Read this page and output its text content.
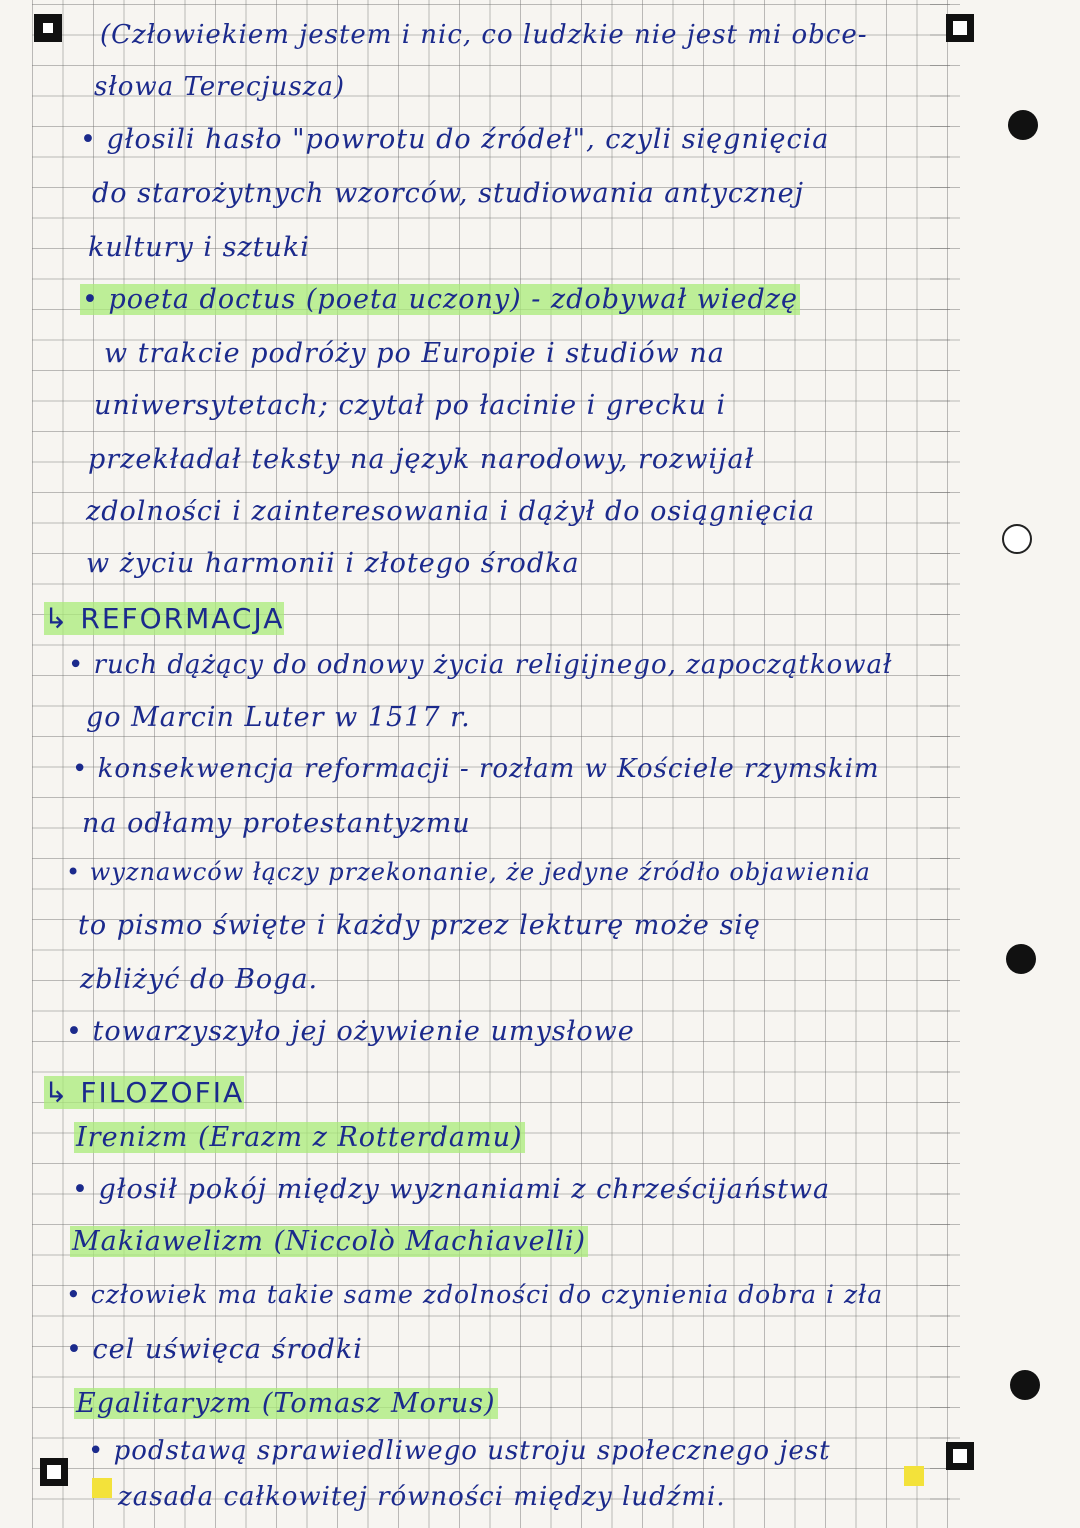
(Człowiekiem jestem i nic, co ludzkie nie jest mi obce-
słowa Terecjusza)
• głosili hasło "powrotu do źródeł", czyli sięgnięcia
do starożytnych wzorców, studiowania antycznej
kultury i sztuki
• poeta doctus (poeta uczony) - zdobywał wiedzę
w trakcie podróży po Europie i studiów na
uniwersytetach; czytał po łacinie i grecku i
przekładał teksty na język narodowy, rozwijał
zdolności i zainteresowania i dążył do osiągnięcia
w życiu harmonii i złotego środka
↳ REFORMACJA
• ruch dążący do odnowy życia religijnego, zapoczątkował
go Marcin Luter w 1517 r.
• konsekwencja reformacji - rozłam w Kościele rzymskim
na odłamy protestantyzmu
• wyznawców łączy przekonanie, że jedyne źródło objawienia
to pismo święte i każdy przez lekturę może się
zbliżyć do Boga.
• towarzyszyło jej ożywienie umysłowe
↳ FILOZOFIA
Irenizm (Erazm z Rotterdamu)
• głosił pokój między wyznaniami z chrześcijaństwa
Makiawelizm (Niccolò Machiavelli)
• człowiek ma takie same zdolności do czynienia dobra i zła
• cel uświęca środki
Egalitaryzm (Tomasz Morus)
• podstawą sprawiedliwego ustroju społecznego jest
zasada całkowitej równości między ludźmi.
